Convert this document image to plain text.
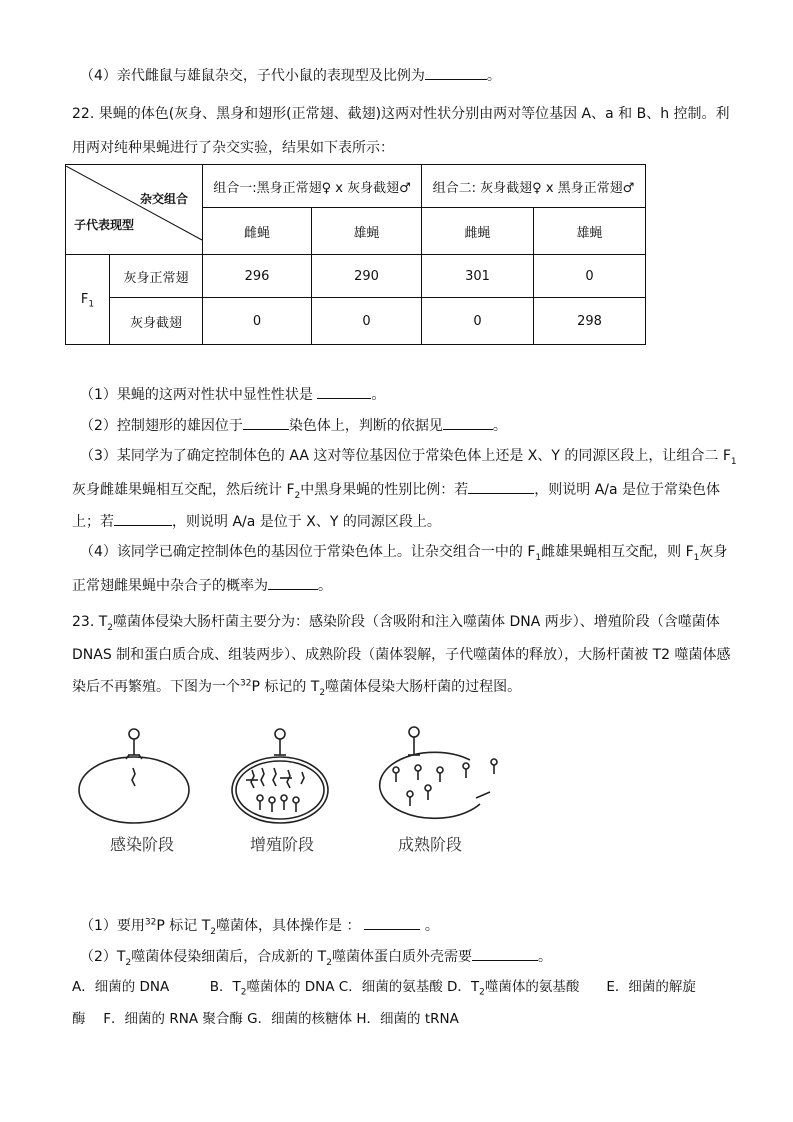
（4）亲代雌鼠与雄鼠杂交，子代小鼠的表现型及比例为	。
22. 果蝇的体色(灰身、黑身和翅形(正常翅、截翅)这两对性状分别由两对等位基因 A、a 和 B、h 控制。利
用两对纯种果蝇进行了杂交实验，结果如下表所示：
杂交组合
子代表现型		组合一:黑身正常翅♀ x 灰身截翅♂		组合二: 灰身截翅♀ x 黑身正常翅♂	
		雌蝇	雄蝇	雌蝇	雄蝇
$F_1$	灰身正常翅	296	290	301	0
	灰身截翅	0	0	0	298
（1）果蝇的这两对性状中显性性状是	。
（2）控制翅形的雄因位于	染色体上，判断的依据见	。
（3）某同学为了确定控制体色的 AA 这对等位基因位于常染色体上还是 X、Y 的同源区段上，让组合二 $F_1$
灰身雌雄果蝇相互交配，然后统计 $F_2$中黑身果蝇的性别比例：若	，则说明 A/a 是位于常染色体
上；若	，则说明 A/a 是位于 X、Y 的同源区段上。
（4）该同学已确定控制体色的基因位于常染色体上。让杂交组合一中的 $F_1$雌雄果蝇相互交配，则 $F_1$灰身
正常翅雌果蝇中杂合子的概率为	。
23. $T_2$噬菌体侵染大肠杆菌主要分为：感染阶段（含吸附和注入噬菌体 DNA 两步）、增殖阶段（含噬菌体
DNAS 制和蛋白质合成、组装两步）、成熟阶段（菌体裂解，子代噬菌体的释放），大肠杆菌被 T2 噬菌体感
染后不再繁殖。下图为一个$^{32}$P 标记的 $T_2$噬菌体侵染大肠杆菌的过程图。
感染阶段	增殖阶段	成熟阶段
（1）要用$^{32}$P 标记 $T_2$噬菌体，具体操作是 ：	。
$(2)T_2$噬菌体侵染细菌后，合成新的 $T_2$噬菌体蛋白质外壳需要	。
A．细菌的 DNA　　　B．$T_2$噬菌体的 DNA C．细菌的氨基酸 D．$T_2$噬菌体的氨基酸　　E．细菌的解旋
酶　 F．细菌的 RNA 聚合酶 G．细菌的核糖体 H．细菌的 tRNA
